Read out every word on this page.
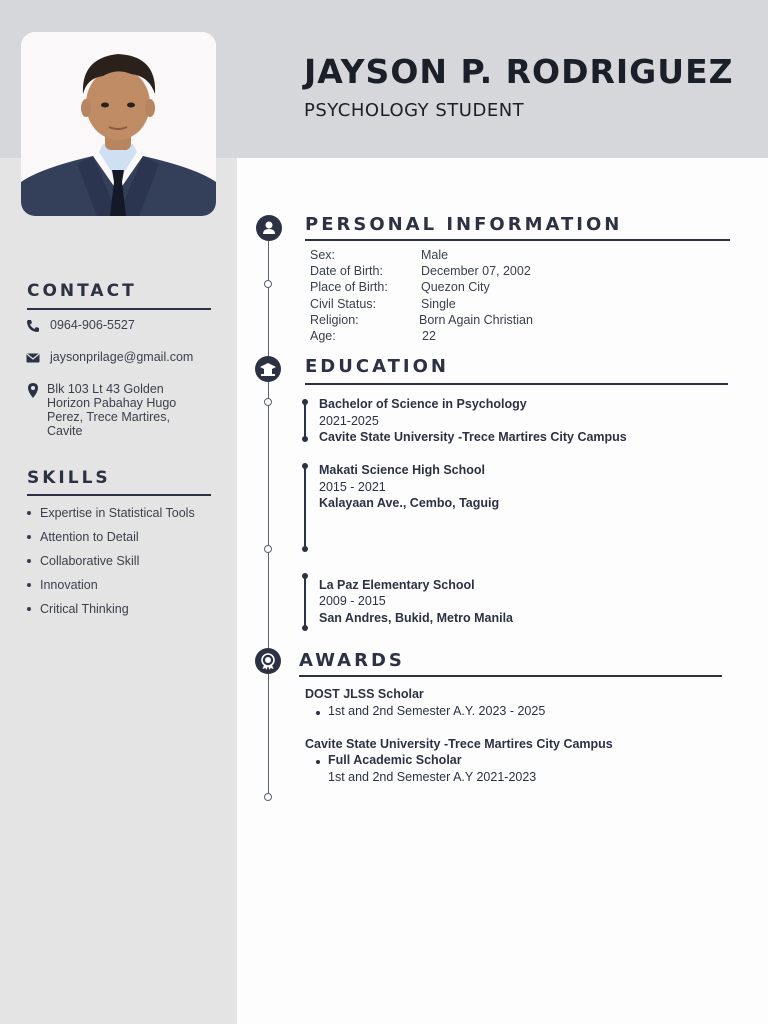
JAYSON P. RODRIGUEZ
PSYCHOLOGY STUDENT
CONTACT
0964-906-5527
jaysonprilage@gmail.com
Blk 103 Lt 43 Golden Horizon Pabahay Hugo Perez, Trece Martires, Cavite
SKILLS
Expertise in Statistical Tools
Attention to Detail
Collaborative Skill
Innovation
Critical Thinking
PERSONAL INFORMATION
Sex:	Male
Date of Birth:	December 07, 2002
Place of Birth:	Quezon City
Civil Status:	Single
Religion:	Born Again Christian
Age:	22
EDUCATION
Bachelor of Science in Psychology
2021-2025
Cavite State University -Trece Martires City Campus
Makati Science High School
2015 - 2021
Kalayaan Ave., Cembo, Taguig
La Paz Elementary School
2009 - 2015
San Andres, Bukid, Metro Manila
AWARDS
DOST JLSS Scholar
1st and 2nd Semester A.Y. 2023 - 2025
Cavite State University -Trece Martires City Campus
Full Academic Scholar
1st and 2nd Semester A.Y 2021-2023
